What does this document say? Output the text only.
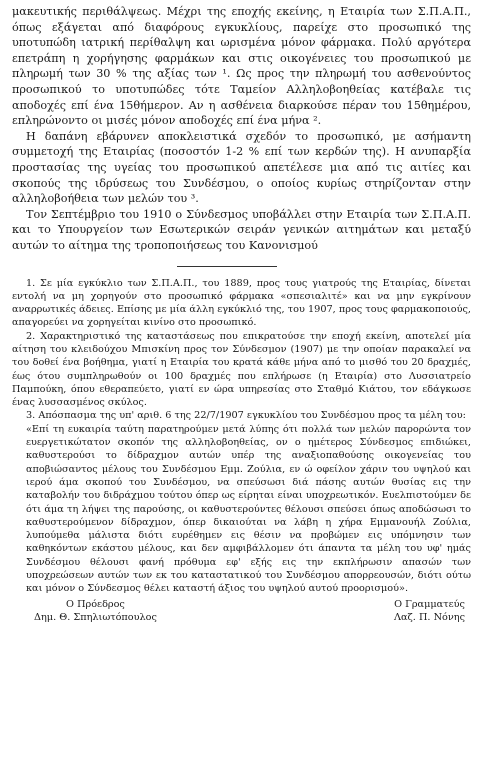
μακευτικής περιθάλψεως. Μέχρι της εποχής εκείνης, η Εταιρία των Σ.Π.Α.Π., όπως εξάγεται από διαφόρους εγκυκλίους, παρείχε στο προσωπικό της υποτυπώδη ιατρική περίθαλψη και ωρισμένα μόνον φάρμακα. Πολύ αργότερα επετράπη η χορήγησης φαρμάκων και στις οικογένειες του προσωπικού με πληρωμή των 30 % της αξίας των ¹. Ως προς την πληρωμή του ασθενούντος προσωπικού το υποτυπώδες τότε Ταμείον Αλληλοβοηθείας κατέβαλε τις αποδοχές επί ένα 15θήμερον. Αν η ασθένεια διαρκούσε πέραν του 15θημέρου, επληρώνοντο οι μισές μόνον αποδοχές επί ένα μήνα ².

Η δαπάνη εβάρυνεν αποκλειστικά σχεδόν το προσωπικό, με ασήμαντη συμμετοχή της Εταιρίας (ποσοστόν 1-2 % επί των κερδών της). Η ανυπαρξία προστασίας της υγείας του προσωπικού απετέλεσε μια από τις αιτίες και σκοπούς της ιδρύσεως του Συνδέσμου, ο οποίος κυρίως στηρίζονταν στην αλληλοβοήθεια των μελών του ³.

Τον Σεπτέμβριο του 1910 ο Σύνδεσμος υποβάλλει στην Εταιρία των Σ.Π.Α.Π. και το Υπουργείον των Εσωτερικών σειράν γενικών αιτημάτων και μεταξύ αυτών το αίτημα της τροποποιήσεως του Κανονισμού

1. Σε μία εγκύκλιο των Σ.Π.Α.Π., του 1889, προς τους γιατρούς της Εταιρίας, δίνεται εντολή να μη χορηγούν στο προσωπικό φάρμακα «σπεσιαλιτέ» και να μην εγκρίνουν αναρρωτικές άδειες. Επίσης με μία άλλη εγκύκλιό της, του 1907, προς τους φαρμακοποιούς, απαγορεύει να χορηγείται κινίνο στο προσωπικό.

2. Χαρακτηριστικό της καταστάσεως που επικρατούσε την εποχή εκείνη, αποτελεί μία αίτηση του κλειδούχου Μπισκίνη προς τον Σύνδεσμον (1907) με την οποίαν παρακαλεί να του δοθεί ένα βοήθημα, γιατί η Εταιρία του κρατά κάθε μήνα από το μισθό του 20 δραχμές, έως ότου συμπληρωθούν οι 100 δραχμές που επλήρωσε (η Εταιρία) στο Λυσσιατρείο Παμπούκη, όπου εθεραπεύετο, γιατί εν ώρα υπηρεσίας στο Σταθμό Κιάτου, τον εδάγκωσε ένας λυσσασμένος σκύλος.

3. Απόσπασμα της υπ' αριθ. 6 της 22/7/1907 εγκυκλίου του Συνδέσμου προς τα μέλη του:

«Επί τη ευκαιρία ταύτη παρατηρούμεν μετά λύπης ότι πολλά των μελών παρορώντα τον ευεργετικώτατον σκοπόν της αλληλοβοηθείας, ον ο ημέτερος Σύνδεσμος επιδιώκει, καθυστερούσι το δίδραχμον αυτών υπέρ της αναξιοπαθούσης οικογενείας του αποβιώσαντος μέλους του Συνδέσμου Εμμ. Ζούλια, εν ώ οφείλον χάριν του υψηλού και ιερού άμα σκοπού του Συνδέσμου, να σπεύσωσι διά πάσης αυτών θυσίας εις την καταβολήν του διδράχμου τούτου όπερ ως είρηται είναι υποχρεωτικόν. Ευελπιστούμεν δε ότι άμα τη λήψει της παρούσης, οι καθυστερούντες θέλουσι σπεύσει όπως αποδώσωσι το καθυστερούμενον δίδραχμον, όπερ δικαιούται να λάβη η χήρα Εμμανουήλ Ζούλια, λυπούμεθα μάλιστα διότι ευρέθημεν εις θέσιν να προβώμεν εις υπόμνησιν των καθηκόντων εκάστου μέλους, και δεν αμφιβάλλομεν ότι άπαντα τα μέλη του υφ' ημάς Συνδέσμου θέλουσι φανή πρόθυμα εφ' εξής εις την εκπλήρωσιν απασών των υποχρεώσεων αυτών των εκ του καταστατικού του Συνδέσμου απορρεουσών, διότι ούτω και μόνον ο Σύνδεσμος θέλει καταστή άξιος του υψηλού αυτού προορισμού».

Ο Πρόεδρος
Δημ. Θ. Σπηλιωτόπουλος
Ο Γραμματεύς
Λαζ. Π. Νόνης
